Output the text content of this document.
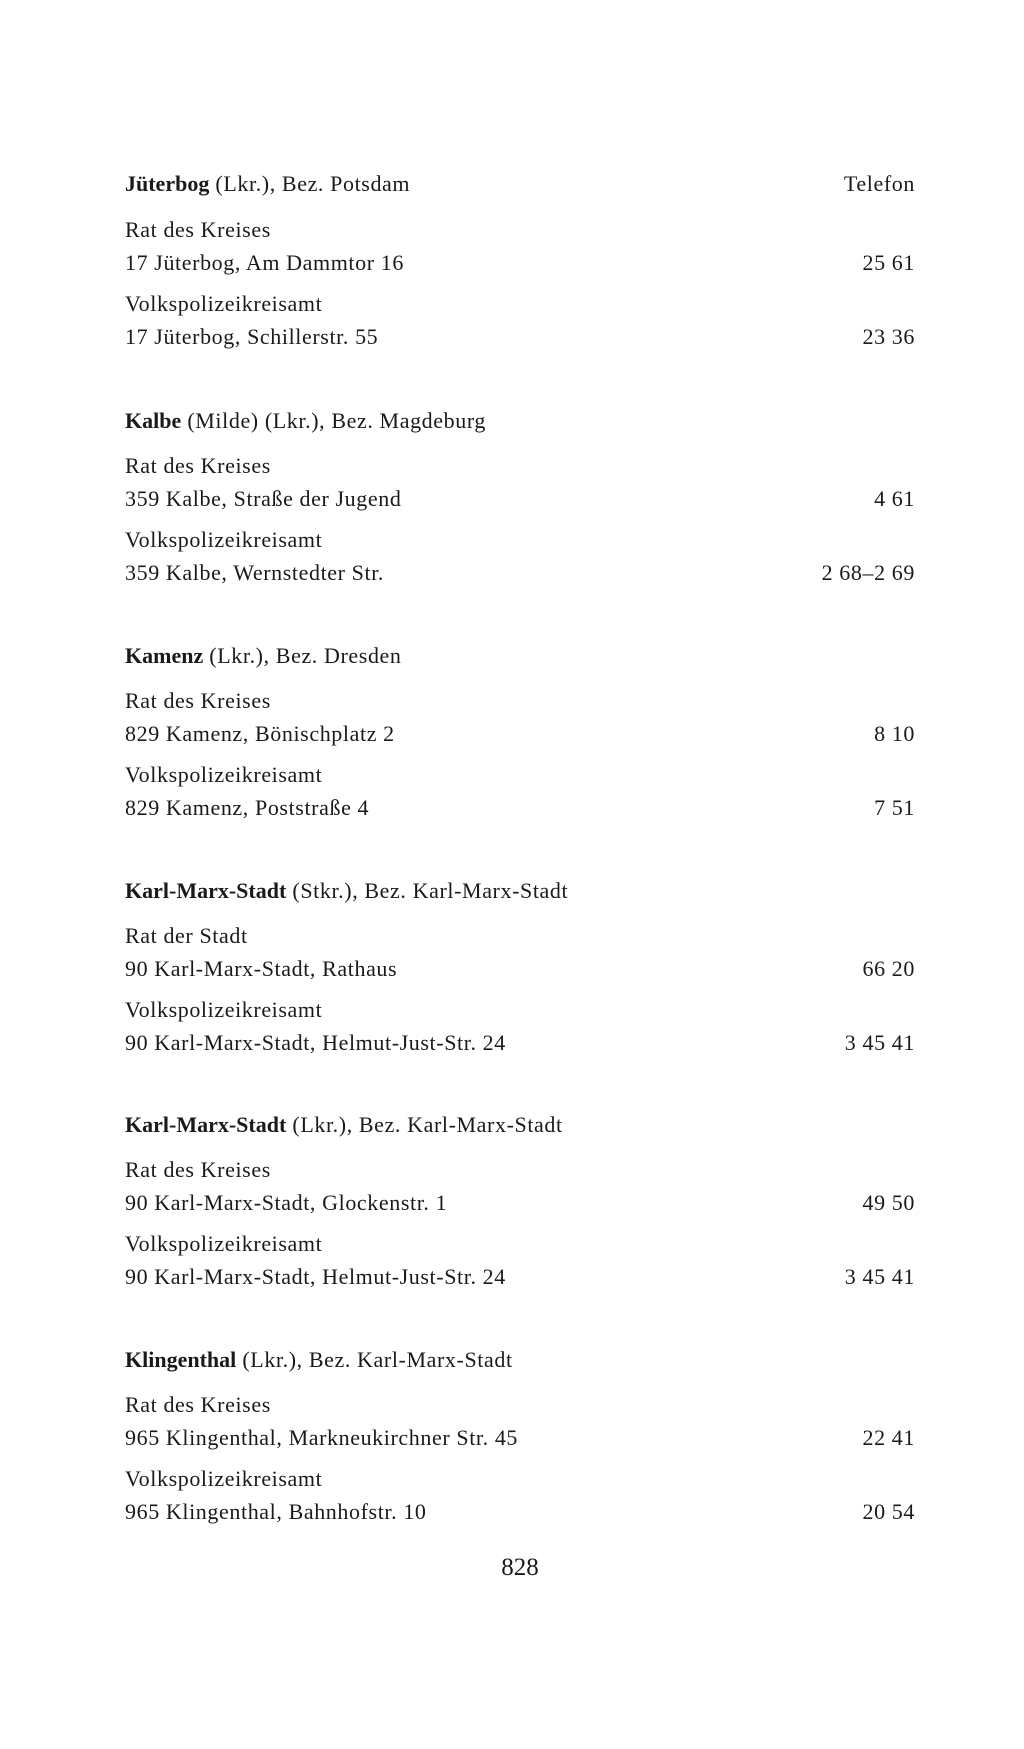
Jüterbog (Lkr.), Bez. Potsdam	Telefon
Rat des Kreises
17 Jüterbog, Am Dammtor 16	25 61
Volkspolizeikreisamt
17 Jüterbog, Schillerstr. 55	23 36
Kalbe (Milde) (Lkr.), Bez. Magdeburg
Rat des Kreises
359 Kalbe, Straße der Jugend	4 61
Volkspolizeikreisamt
359 Kalbe, Wernstedter Str.	2 68–2 69
Kamenz (Lkr.), Bez. Dresden
Rat des Kreises
829 Kamenz, Bönischplatz 2	8 10
Volkspolizeikreisamt
829 Kamenz, Poststraße 4	7 51
Karl-Marx-Stadt (Stkr.), Bez. Karl-Marx-Stadt
Rat der Stadt
90 Karl-Marx-Stadt, Rathaus	66 20
Volkspolizeikreisamt
90 Karl-Marx-Stadt, Helmut-Just-Str. 24	3 45 41
Karl-Marx-Stadt (Lkr.), Bez. Karl-Marx-Stadt
Rat des Kreises
90 Karl-Marx-Stadt, Glockenstr. 1	49 50
Volkspolizeikreisamt
90 Karl-Marx-Stadt, Helmut-Just-Str. 24	3 45 41
Klingenthal (Lkr.), Bez. Karl-Marx-Stadt
Rat des Kreises
965 Klingenthal, Markneukirchner Str. 45	22 41
Volkspolizeikreisamt
965 Klingenthal, Bahnhofstr. 10	20 54
828
